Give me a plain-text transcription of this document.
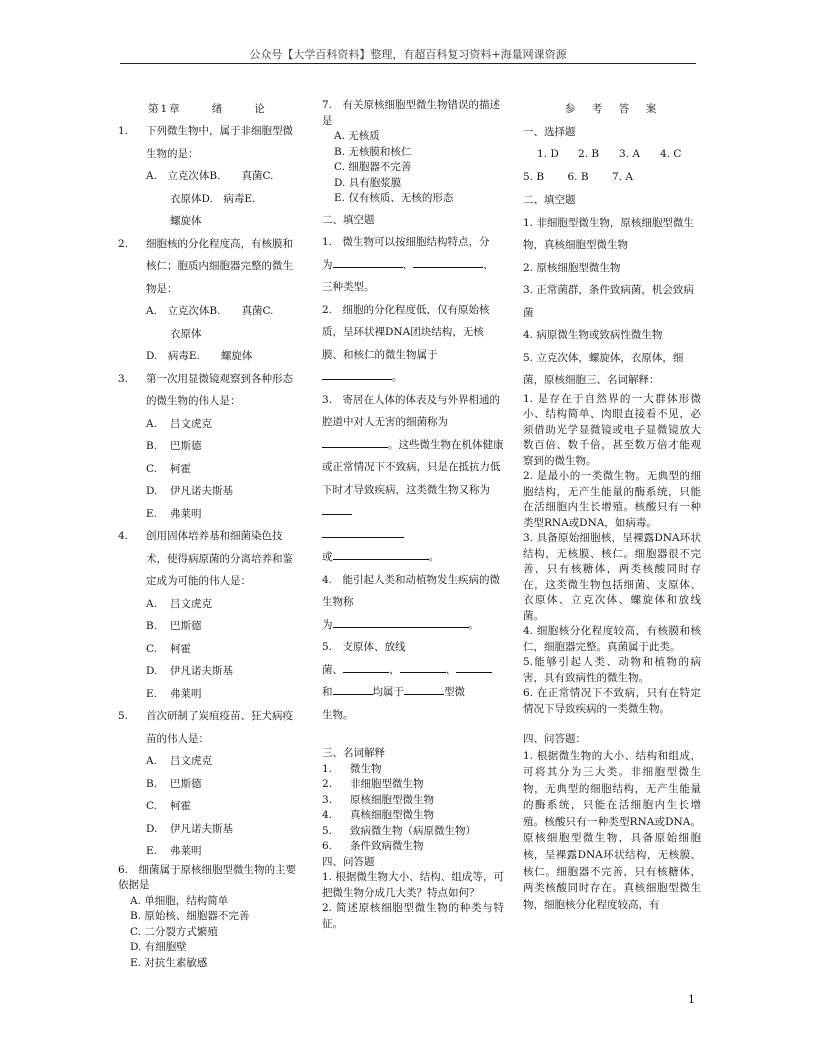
公众号【大学百科资料】整理，有超百科复习资料+海量网课资源
第1章	绪	论
1.	下列微生物中，属于非细胞型微生物的是：
A.　立克次体B.　　真菌C.
衣原体D.　病毒E.
螺旋体
2.	细胞核的分化程度高，有核膜和核仁；胞质内细胞器完整的微生物是：
A.　立克次体B.　　真菌C.
衣原体
D.　病毒E.　　螺旋体
3.	第一次用显微镜观察到各种形态的微生物的伟人是：
A.	吕文虎克
B.	巴斯德
C.	柯霍
D.	伊凡诺夫斯基
E.	弗莱明
4.	创用固体培养基和细菌染色技术，使得病原菌的分离培养和鉴定成为可能的伟人是：
A.	吕文虎克
B.	巴斯德
C.	柯霍
D.	伊凡诺夫斯基
E.	弗莱明
5.	首次研制了炭疽疫苗、狂犬病疫苗的伟人是：
A.	吕文虎克
B.	巴斯德
C.	柯霍
D.	伊凡诺夫斯基
E.	弗莱明
6.　细菌属于原核细胞型微生物的主要依据是
A. 单细胞，结构简单
B. 原始核、细胞器不完善
C. 二分裂方式繁殖
D. 有细胞壁
E. 对抗生素敏感
7.　有关原核细胞型微生物错误的描述是
A. 无核质
B. 无核膜和核仁
C. 细胞器不完善
D. 具有胞浆膜
E. 仅有核质、无核的形态
二、填空题
1.　微生物可以按细胞结构特点，分
为	、	、
三种类型。
2.　细胞的分化程度低，仅有原始核质，呈环状裸DNA团块结构，无核膜、和核仁的微生物属于。
3.　寄居在人体的体表及与外界相通的腔道中对人无害的细菌称为。这些微生物在机体健康或正常情况下不致病，只是在抵抗力低下时才导致疾病，这类微生物又称为

或	。
4.　能引起人类和动植物发生疾病的微生物称
为	。
5.　支原体、放线
菌、	、	、
和	均属于	型微
生物。
三、名词解释
1.	微生物
2.	非细胞型微生物
3.	原核细胞型微生物
4.	真核细胞型微生物
5.	致病微生物（病原微生物）
6.	条件致病微生物
四、问答题
1. 根据微生物大小、结构、组成等，可把微生物分成几大类？特点如何？
2. 简述原核细胞型微生物的种类与特征。
参　考　答　案
一、选择题
1. D	2. B	3. A	4. C
5. B	6. B	7. A
二、填空题
1. 非细胞型微生物，原核细胞型微生物，真核细胞型微生物
2. 原核细胞型微生物
3. 正常菌群，条件致病菌，机会致病菌
4. 病原微生物或致病性微生物
5. 立克次体，螺旋体，衣原体，细菌，原核细胞三、名词解释：
1. 是存在于自然界的一大群体形微小、结构简单、肉眼直接看不见，必须借助光学显微镜或电子显微镜放大数百倍、数千倍，甚至数万倍才能观察到的微生物。
2. 是最小的一类微生物。无典型的细胞结构，无产生能量的酶系统，只能在活细胞内生长增殖。核酸只有一种类型RNA或DNA，如病毒。
3. 具备原始细胞核，呈裸露DNA环状结构，无核膜、核仁。细胞器很不完善，只有核糖体，两类核酸同时存在，这类微生物包括细菌、支原体、衣原体、立克次体、螺旋体和放线菌。
4. 细胞核分化程度较高，有核膜和核仁，细胞器完整。真菌属于此类。
5.能够引起人类、动物和植物的病害，具有致病性的微生物。
6. 在正常情况下不致病，只有在特定情况下导致疾病的一类微生物。
四、问答题：
1. 根据微生物的大小、结构和组成，可将其分为三大类。非细胞型微生物，无典型的细胞结构，无产生能量的酶系统，只能在活细胞内生长增殖。核酸只有一种类型RNA或DNA。原核细胞型微生物，具备原始细胞核，呈裸露DNA环状结构，无核膜、核仁。细胞器不完善，只有核糖体，两类核酸同时存在。真核细胞型微生物，细胞核分化程度较高，有
1
